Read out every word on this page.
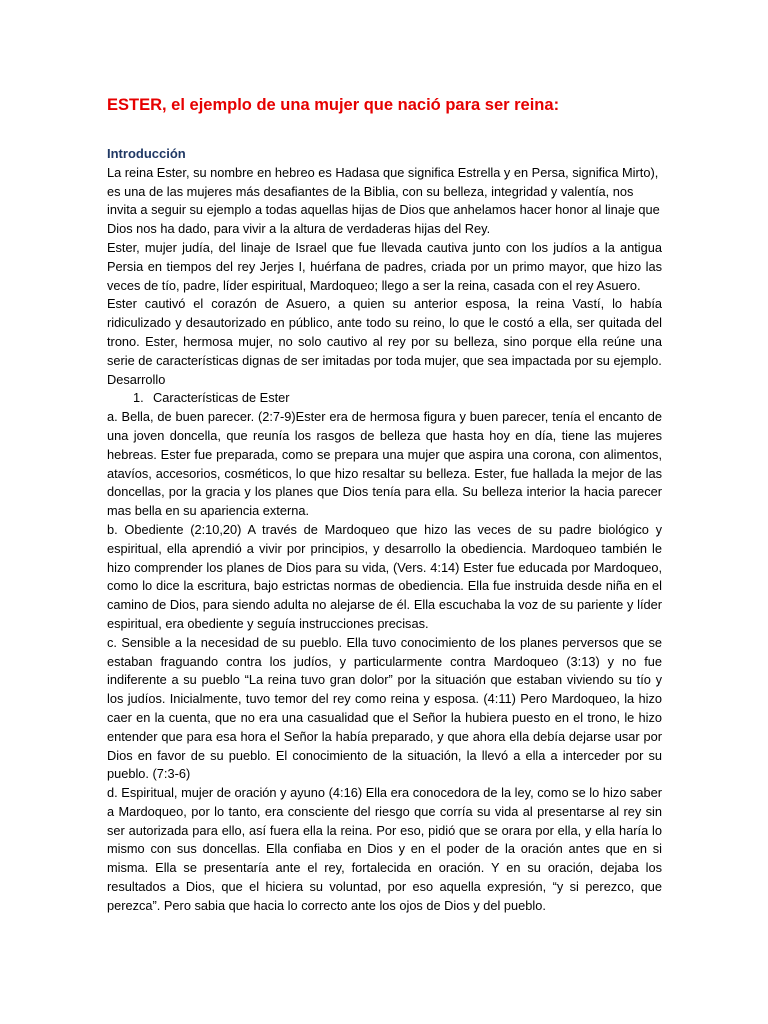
ESTER, el ejemplo de una mujer que nació para ser reina:
Introducción

La reina Ester, su nombre en hebreo es Hadasa que significa Estrella y en Persa, significa Mirto), es una de las mujeres más desafiantes de la Biblia, con su belleza, integridad y valentía, nos invita a seguir su ejemplo a todas aquellas hijas de Dios que anhelamos hacer honor al linaje que Dios nos ha dado, para vivir a la altura de verdaderas hijas del Rey.

Ester, mujer judía, del linaje de Israel que fue llevada cautiva junto con los judíos a la antigua Persia en tiempos del rey Jerjes I, huérfana de padres, criada por un primo mayor, que hizo las veces de tío, padre, líder espiritual, Mardoqueo; llego a ser la reina, casada con el rey Asuero.

Ester cautivó el corazón de Asuero, a quien su anterior esposa, la reina Vastí, lo había ridiculizado y desautorizado en público, ante todo su reino, lo que le costó a ella, ser quitada del trono. Ester, hermosa mujer, no solo cautivo al rey por su belleza, sino porque ella reúne una serie de características dignas de ser imitadas por toda mujer, que sea impactada por su ejemplo.

Desarrollo

1. Características de Ester

a. Bella, de buen parecer. (2:7-9)Ester era de hermosa figura y buen parecer, tenía el encanto de una joven doncella, que reunía los rasgos de belleza que hasta hoy en día, tiene las mujeres hebreas. Ester fue preparada, como se prepara una mujer que aspira una corona, con alimentos, atavíos, accesorios, cosméticos, lo que hizo resaltar su belleza. Ester, fue hallada la mejor de las doncellas, por la gracia y los planes que Dios tenía para ella. Su belleza interior la hacia parecer mas bella en su apariencia externa.

b. Obediente (2:10,20) A través de Mardoqueo que hizo las veces de su padre biológico y espiritual, ella aprendió a vivir por principios, y desarrollo la obediencia. Mardoqueo también le hizo comprender los planes de Dios para su vida, (Vers. 4:14) Ester fue educada por Mardoqueo, como lo dice la escritura, bajo estrictas normas de obediencia. Ella fue instruida desde niña en el camino de Dios, para siendo adulta no alejarse de él. Ella escuchaba la voz de su pariente y líder espiritual, era obediente y seguía instrucciones precisas.

c. Sensible a la necesidad de su pueblo. Ella tuvo conocimiento de los planes perversos que se estaban fraguando contra los judíos, y particularmente contra Mardoqueo (3:13) y no fue indiferente a su pueblo “La reina tuvo gran dolor” por la situación que estaban viviendo su tío y los judíos. Inicialmente, tuvo temor del rey como reina y esposa. (4:11) Pero Mardoqueo, la hizo caer en la cuenta, que no era una casualidad que el Señor la hubiera puesto en el trono, le hizo entender que para esa hora el Señor la había preparado, y que ahora ella debía dejarse usar por Dios en favor de su pueblo. El conocimiento de la situación, la llevó a ella a interceder por su pueblo. (7:3-6)

d. Espiritual, mujer de oración y ayuno (4:16) Ella era conocedora de la ley, como se lo hizo saber a Mardoqueo, por lo tanto, era consciente del riesgo que corría su vida al presentarse al rey sin ser autorizada para ello, así fuera ella la reina. Por eso, pidió que se orara por ella, y ella haría lo mismo con sus doncellas. Ella confiaba en Dios y en el poder de la oración antes que en si misma. Ella se presentaría ante el rey, fortalecida en oración. Y en su oración, dejaba los resultados a Dios, que el hiciera su voluntad, por eso aquella expresión, “y si perezco, que perezca”. Pero sabia que hacia lo correcto ante los ojos de Dios y del pueblo.
